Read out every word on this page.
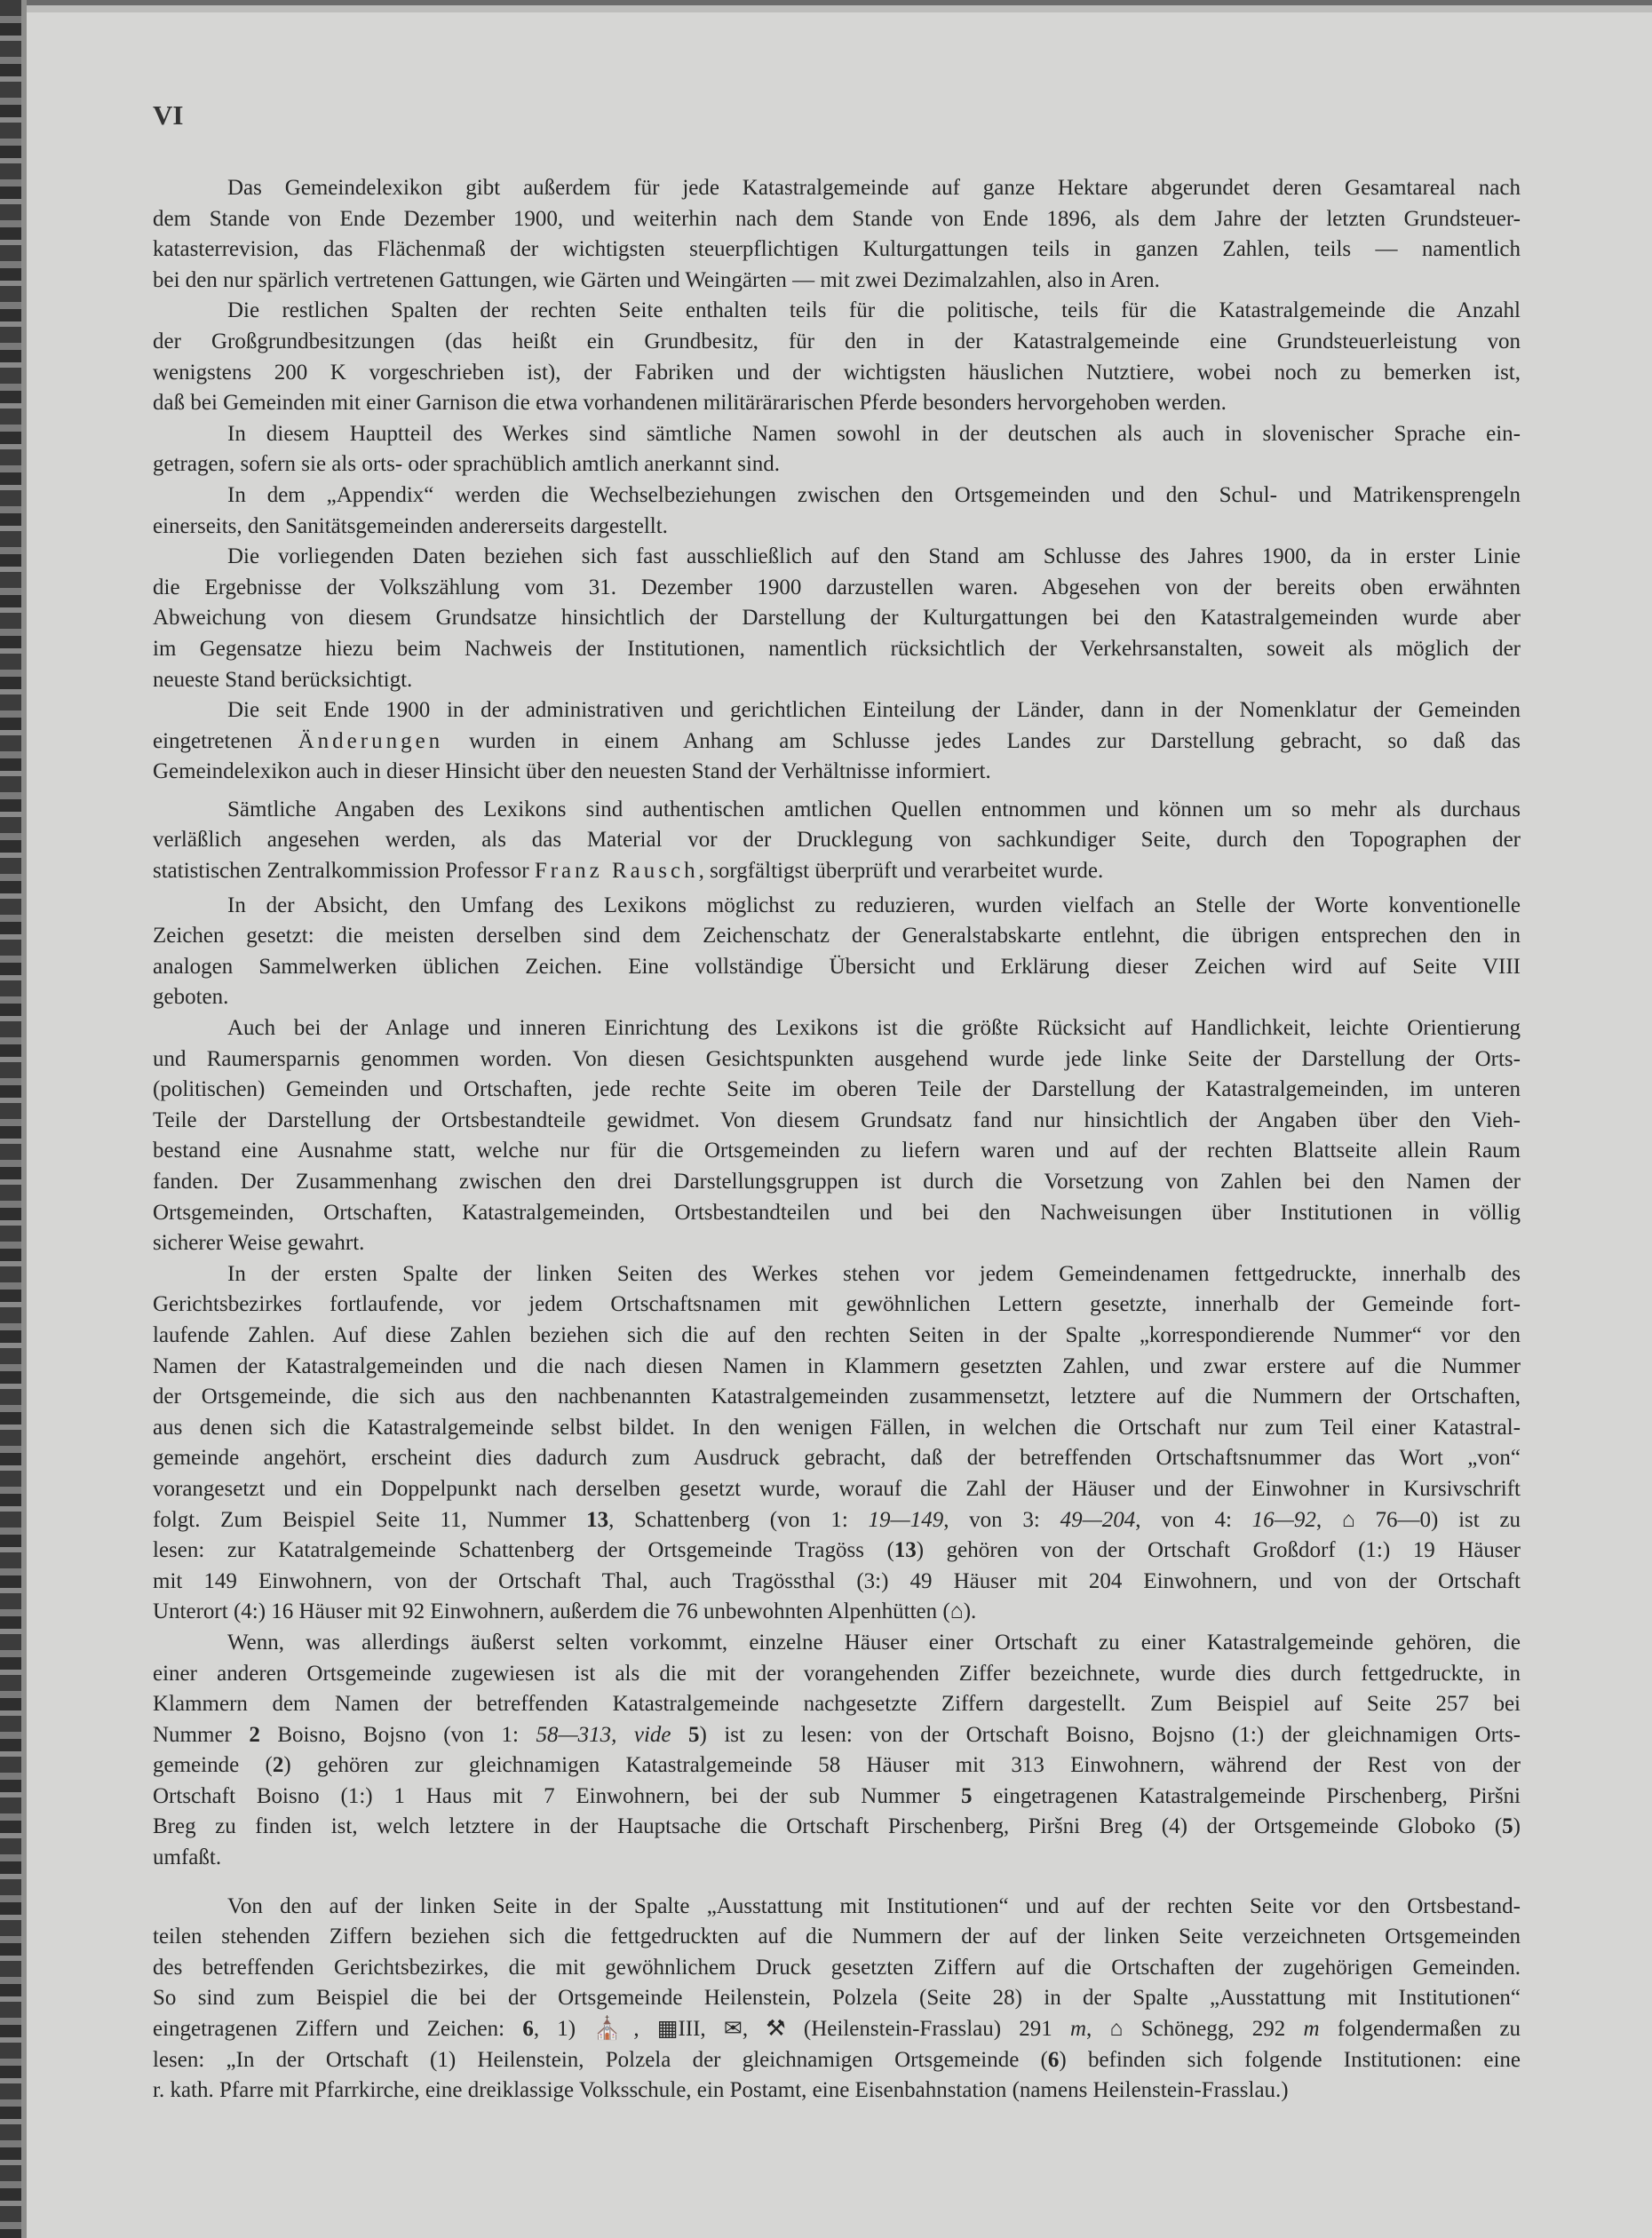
VI
Das Gemeindelexikon gibt außerdem für jede Katastralgemeinde auf ganze Hektare abgerundet deren Gesamtareal nach
dem Stande von Ende Dezember 1900, und weiterhin nach dem Stande von Ende 1896, als dem Jahre der letzten Grundsteuer-
katasterrevision, das Flächenmaß der wichtigsten steuerpflichtigen Kulturgattungen teils in ganzen Zahlen, teils — namentlich
bei den nur spärlich vertretenen Gattungen, wie Gärten und Weingärten — mit zwei Dezimalzahlen, also in Aren.
Die restlichen Spalten der rechten Seite enthalten teils für die politische, teils für die Katastralgemeinde die Anzahl
der Großgrundbesitzungen (das heißt ein Grundbesitz, für den in der Katastralgemeinde eine Grundsteuerleistung von
wenigstens 200 K vorgeschrieben ist), der Fabriken und der wichtigsten häuslichen Nutztiere, wobei noch zu bemerken ist,
daß bei Gemeinden mit einer Garnison die etwa vorhandenen militärärarischen Pferde besonders hervorgehoben werden.
In diesem Hauptteil des Werkes sind sämtliche Namen sowohl in der deutschen als auch in slovenischer Sprache ein-
getragen, sofern sie als orts- oder sprachüblich amtlich anerkannt sind.
In dem „Appendix“ werden die Wechselbeziehungen zwischen den Ortsgemeinden und den Schul- und Matrikensprengeln
einerseits, den Sanitätsgemeinden andererseits dargestellt.
Die vorliegenden Daten beziehen sich fast ausschließlich auf den Stand am Schlusse des Jahres 1900, da in erster Linie
die Ergebnisse der Volkszählung vom 31. Dezember 1900 darzustellen waren. Abgesehen von der bereits oben erwähnten
Abweichung von diesem Grundsatze hinsichtlich der Darstellung der Kulturgattungen bei den Katastralgemeinden wurde aber
im Gegensatze hiezu beim Nachweis der Institutionen, namentlich rücksichtlich der Verkehrsanstalten, soweit als möglich der
neueste Stand berücksichtigt.
Die seit Ende 1900 in der administrativen und gerichtlichen Einteilung der Länder, dann in der Nomenklatur der Gemeinden
eingetretenen Änderungen wurden in einem Anhang am Schlusse jedes Landes zur Darstellung gebracht, so daß das
Gemeindelexikon auch in dieser Hinsicht über den neuesten Stand der Verhältnisse informiert.
Sämtliche Angaben des Lexikons sind authentischen amtlichen Quellen entnommen und können um so mehr als durchaus
verläßlich angesehen werden, als das Material vor der Drucklegung von sachkundiger Seite, durch den Topographen der
statistischen Zentralkommission Professor Franz Rausch, sorgfältigst überprüft und verarbeitet wurde.
In der Absicht, den Umfang des Lexikons möglichst zu reduzieren, wurden vielfach an Stelle der Worte konventionelle
Zeichen gesetzt: die meisten derselben sind dem Zeichenschatz der Generalstabskarte entlehnt, die übrigen entsprechen den in
analogen Sammelwerken üblichen Zeichen. Eine vollständige Übersicht und Erklärung dieser Zeichen wird auf Seite VIII
geboten.
Auch bei der Anlage und inneren Einrichtung des Lexikons ist die größte Rücksicht auf Handlichkeit, leichte Orientierung
und Raumersparnis genommen worden. Von diesen Gesichtspunkten ausgehend wurde jede linke Seite der Darstellung der Orts-
(politischen) Gemeinden und Ortschaften, jede rechte Seite im oberen Teile der Darstellung der Katastralgemeinden, im unteren
Teile der Darstellung der Ortsbestandteile gewidmet. Von diesem Grundsatz fand nur hinsichtlich der Angaben über den Vieh-
bestand eine Ausnahme statt, welche nur für die Ortsgemeinden zu liefern waren und auf der rechten Blattseite allein Raum
fanden. Der Zusammenhang zwischen den drei Darstellungsgruppen ist durch die Vorsetzung von Zahlen bei den Namen der
Ortsgemeinden, Ortschaften, Katastralgemeinden, Ortsbestandteilen und bei den Nachweisungen über Institutionen in völlig
sicherer Weise gewahrt.
In der ersten Spalte der linken Seiten des Werkes stehen vor jedem Gemeindenamen fettgedruckte, innerhalb des
Gerichtsbezirkes fortlaufende, vor jedem Ortschaftsnamen mit gewöhnlichen Lettern gesetzte, innerhalb der Gemeinde fort-
laufende Zahlen. Auf diese Zahlen beziehen sich die auf den rechten Seiten in der Spalte „korrespondierende Nummer“ vor den
Namen der Katastralgemeinden und die nach diesen Namen in Klammern gesetzten Zahlen, und zwar erstere auf die Nummer
der Ortsgemeinde, die sich aus den nachbenannten Katastralgemeinden zusammensetzt, letztere auf die Nummern der Ortschaften,
aus denen sich die Katastralgemeinde selbst bildet. In den wenigen Fällen, in welchen die Ortschaft nur zum Teil einer Katastral-
gemeinde angehört, erscheint dies dadurch zum Ausdruck gebracht, daß der betreffenden Ortschaftsnummer das Wort „von“
vorangesetzt und ein Doppelpunkt nach derselben gesetzt wurde, worauf die Zahl der Häuser und der Einwohner in Kursivschrift
folgt. Zum Beispiel Seite 11, Nummer 13, Schattenberg (von 1: 19—149, von 3: 49—204, von 4: 16—92, ⌂ 76—0) ist zu
lesen: zur Katatralgemeinde Schattenberg der Ortsgemeinde Tragöss (13) gehören von der Ortschaft Großdorf (1:) 19 Häuser
mit 149 Einwohnern, von der Ortschaft Thal, auch Tragössthal (3:) 49 Häuser mit 204 Einwohnern, und von der Ortschaft
Unterort (4:) 16 Häuser mit 92 Einwohnern, außerdem die 76 unbewohnten Alpenhütten (⌂).
Wenn, was allerdings äußerst selten vorkommt, einzelne Häuser einer Ortschaft zu einer Katastralgemeinde gehören, die
einer anderen Ortsgemeinde zugewiesen ist als die mit der vorangehenden Ziffer bezeichnete, wurde dies durch fettgedruckte, in
Klammern dem Namen der betreffenden Katastralgemeinde nachgesetzte Ziffern dargestellt. Zum Beispiel auf Seite 257 bei
Nummer 2 Boisno, Bojsno (von 1: 58—313, vide 5) ist zu lesen: von der Ortschaft Boisno, Bojsno (1:) der gleichnamigen Orts-
gemeinde (2) gehören zur gleichnamigen Katastralgemeinde 58 Häuser mit 313 Einwohnern, während der Rest von der
Ortschaft Boisno (1:) 1 Haus mit 7 Einwohnern, bei der sub Nummer 5 eingetragenen Katastralgemeinde Pirschenberg, Piršni
Breg zu finden ist, welch letztere in der Hauptsache die Ortschaft Pirschenberg, Piršni Breg (4) der Ortsgemeinde Globoko (5)
umfaßt.
Von den auf der linken Seite in der Spalte „Ausstattung mit Institutionen“ und auf der rechten Seite vor den Ortsbestand-
teilen stehenden Ziffern beziehen sich die fettgedruckten auf die Nummern der auf der linken Seite verzeichneten Ortsgemeinden
des betreffenden Gerichtsbezirkes, die mit gewöhnlichem Druck gesetzten Ziffern auf die Ortschaften der zugehörigen Gemeinden.
So sind zum Beispiel die bei der Ortsgemeinde Heilenstein, Polzela (Seite 28) in der Spalte „Ausstattung mit Institutionen“
eingetragenen Ziffern und Zeichen: 6, 1) ⛪, ▦III, ✉, ⚒ (Heilenstein-Frasslau) 291 m, ⌂ Schönegg, 292 m folgendermaßen zu
lesen: „In der Ortschaft (1) Heilenstein, Polzela der gleichnamigen Ortsgemeinde (6) befinden sich folgende Institutionen: eine
r. kath. Pfarre mit Pfarrkirche, eine dreiklassige Volksschule, ein Postamt, eine Eisenbahnstation (namens Heilenstein-Frasslau.)
